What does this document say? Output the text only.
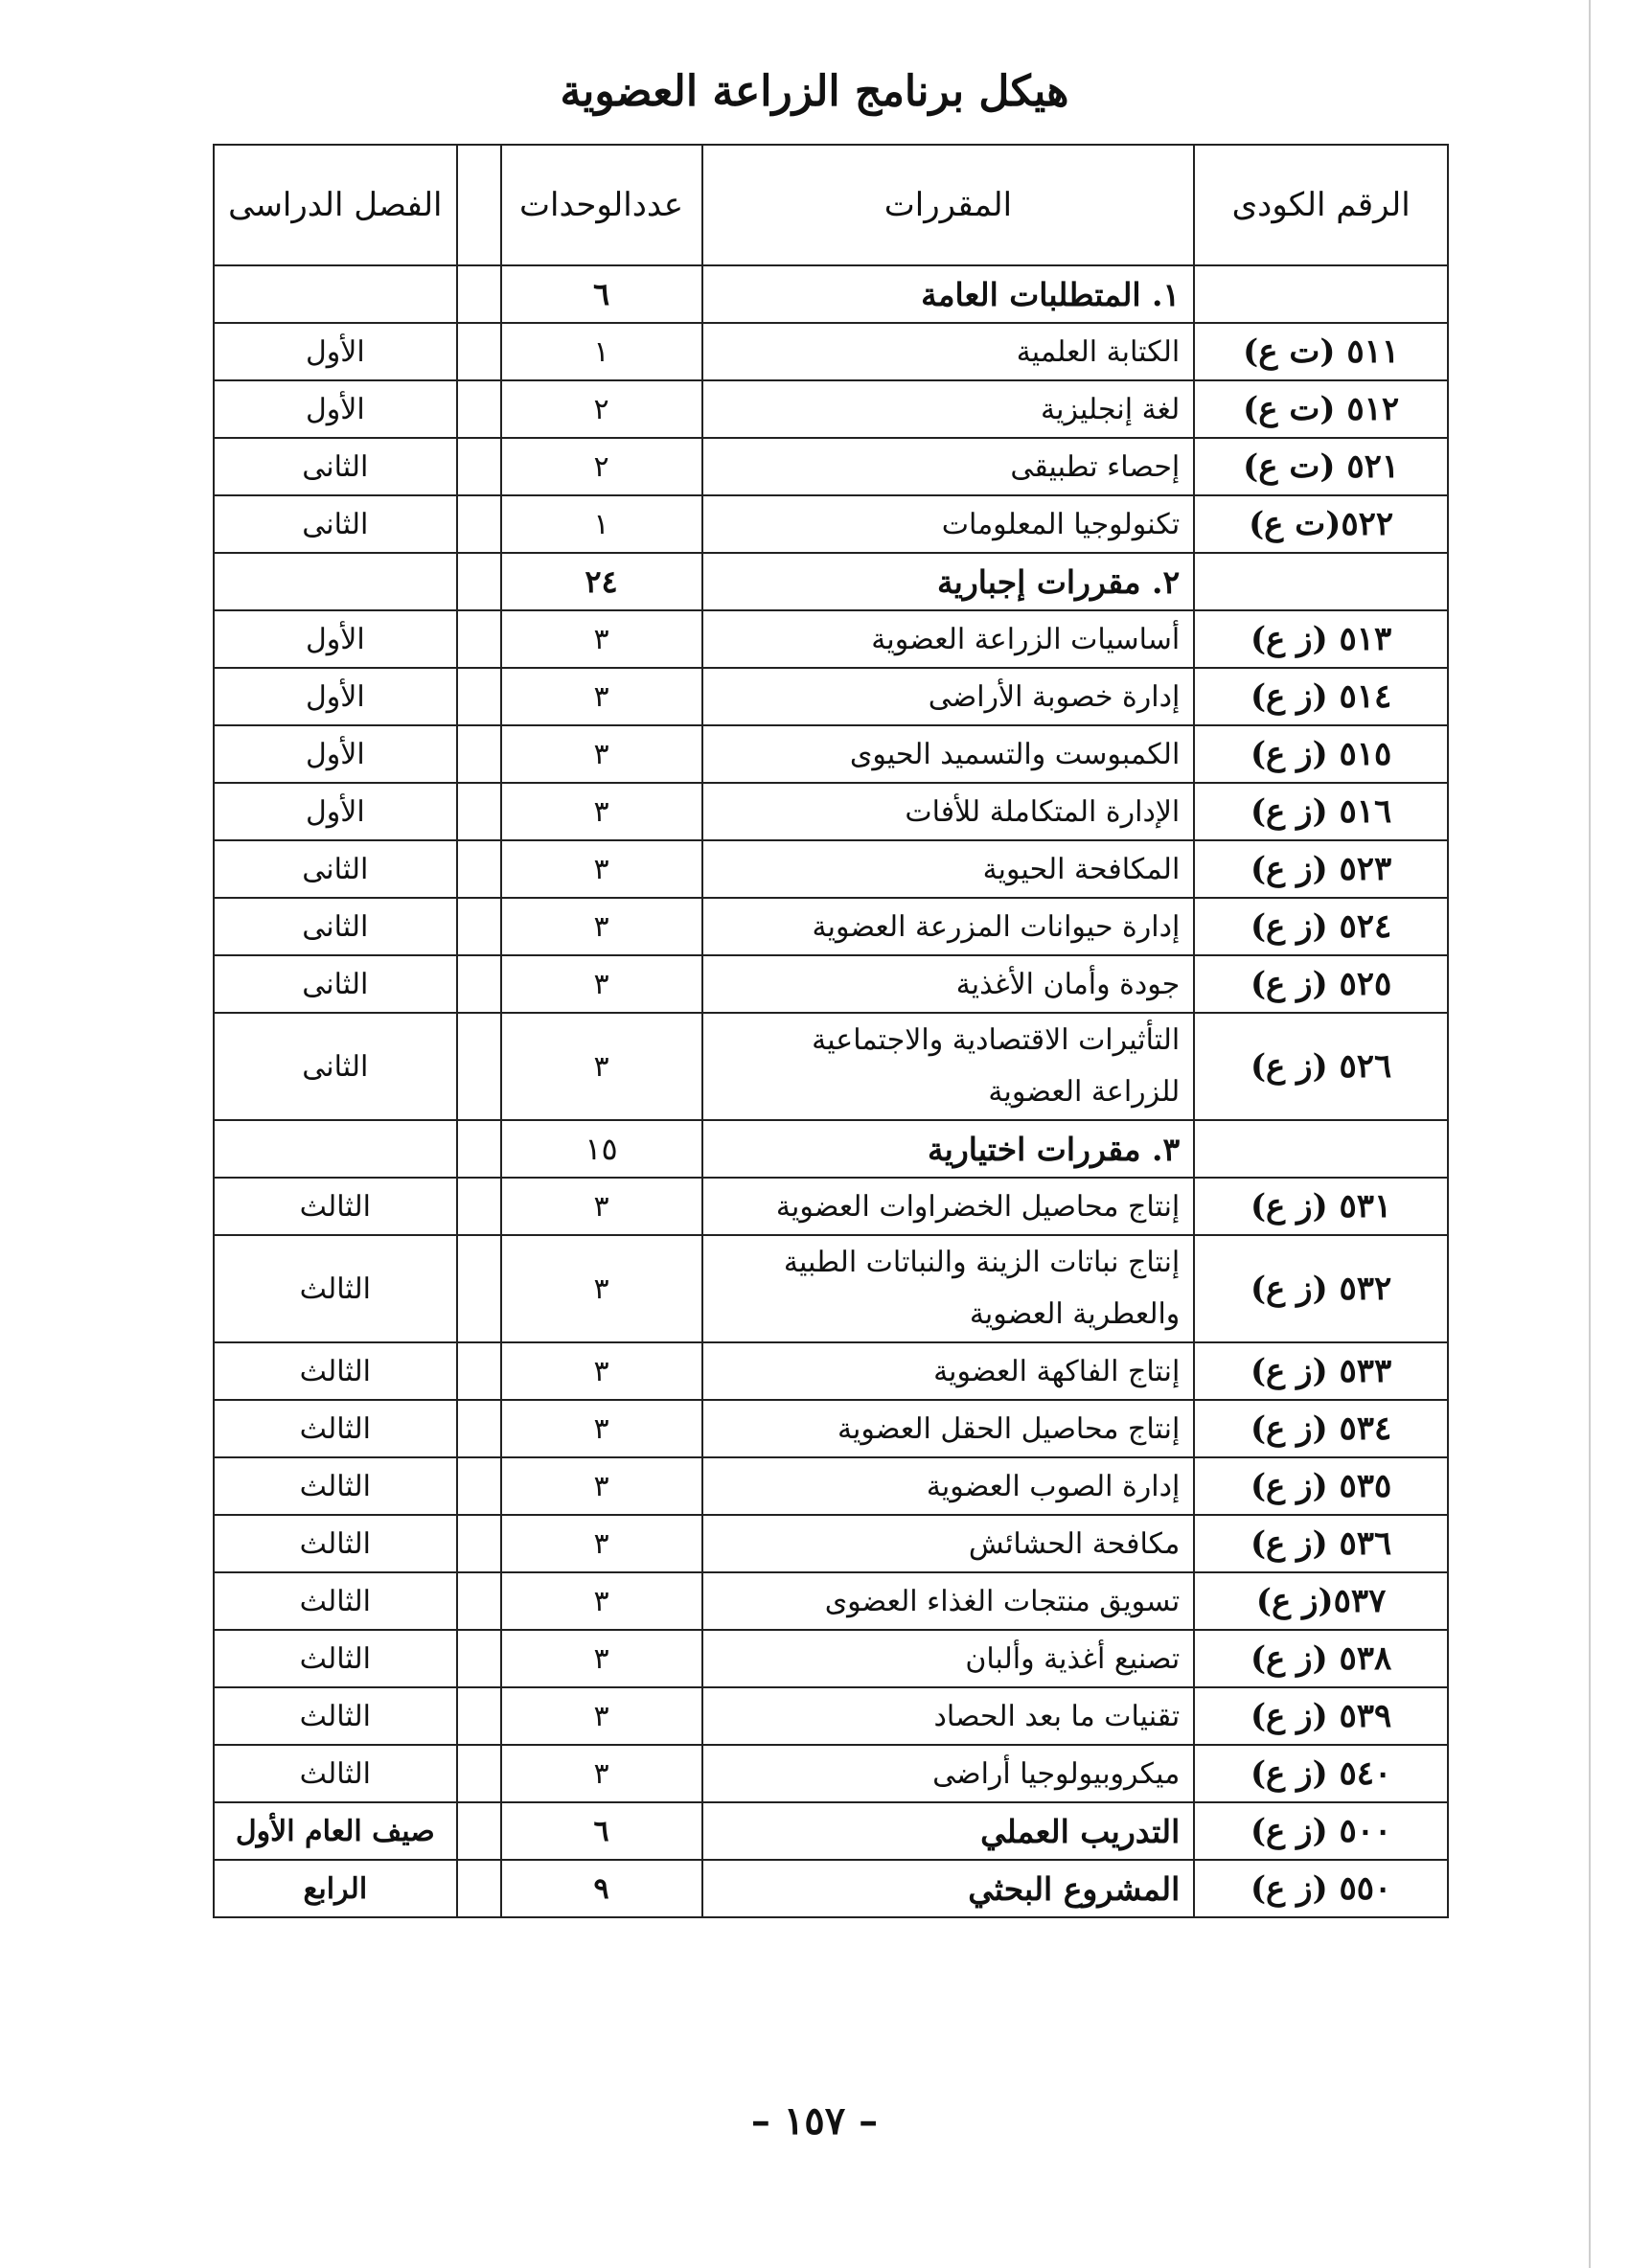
هيكل برنامج الزراعة العضوية
الرقم الكودى	المقررات	عددالوحدات		الفصل الدراسى
	١. المتطلبات العامة	٦		
٥١١ (ت ع)	الكتابة العلمية	١		الأول
٥١٢ (ت ع)	لغة إنجليزية	٢		الأول
٥٢١ (ت ع)	إحصاء تطبيقى	٢		الثانى
٥٢٢(ت ع)	تكنولوجيا المعلومات	١		الثانى
	٢. مقررات إجبارية	٢٤		
٥١٣ (ز ع)	أساسيات الزراعة العضوية	٣		الأول
٥١٤ (ز ع)	إدارة خصوبة الأراضى	٣		الأول
٥١٥ (ز ع)	الكمبوست والتسميد الحيوى	٣		الأول
٥١٦ (ز ع)	الإدارة المتكاملة للأفات	٣		الأول
٥٢٣ (ز ع)	المكافحة الحيوية	٣		الثانى
٥٢٤ (ز ع)	إدارة حيوانات المزرعة العضوية	٣		الثانى
٥٢٥ (ز ع)	جودة وأمان الأغذية	٣		الثانى
٥٢٦ (ز ع)	التأثيرات الاقتصادية والاجتماعية للزراعة العضوية	٣		الثانى
	٣. مقررات اختيارية	١٥		
٥٣١ (ز ع)	إنتاج محاصيل الخضراوات العضوية	٣		الثالث
٥٣٢ (ز ع)	إنتاج نباتات الزينة والنباتات الطبية والعطرية العضوية	٣		الثالث
٥٣٣ (ز ع)	إنتاج الفاكهة العضوية	٣		الثالث
٥٣٤ (ز ع)	إنتاج محاصيل الحقل العضوية	٣		الثالث
٥٣٥ (ز ع)	إدارة الصوب العضوية	٣		الثالث
٥٣٦ (ز ع)	مكافحة الحشائش	٣		الثالث
٥٣٧(ز ع)	تسويق منتجات الغذاء العضوى	٣		الثالث
٥٣٨ (ز ع)	تصنيع أغذية وألبان	٣		الثالث
٥٣٩ (ز ع)	تقنيات ما بعد الحصاد	٣		الثالث
٥٤٠ (ز ع)	ميكروبيولوجيا أراضى	٣		الثالث
٥٠٠ (ز ع)	التدريب العملي	٦		صيف العام الأول
٥٥٠ (ز ع)	المشروع البحثي	٩		الرابع
– ١٥٧ –
